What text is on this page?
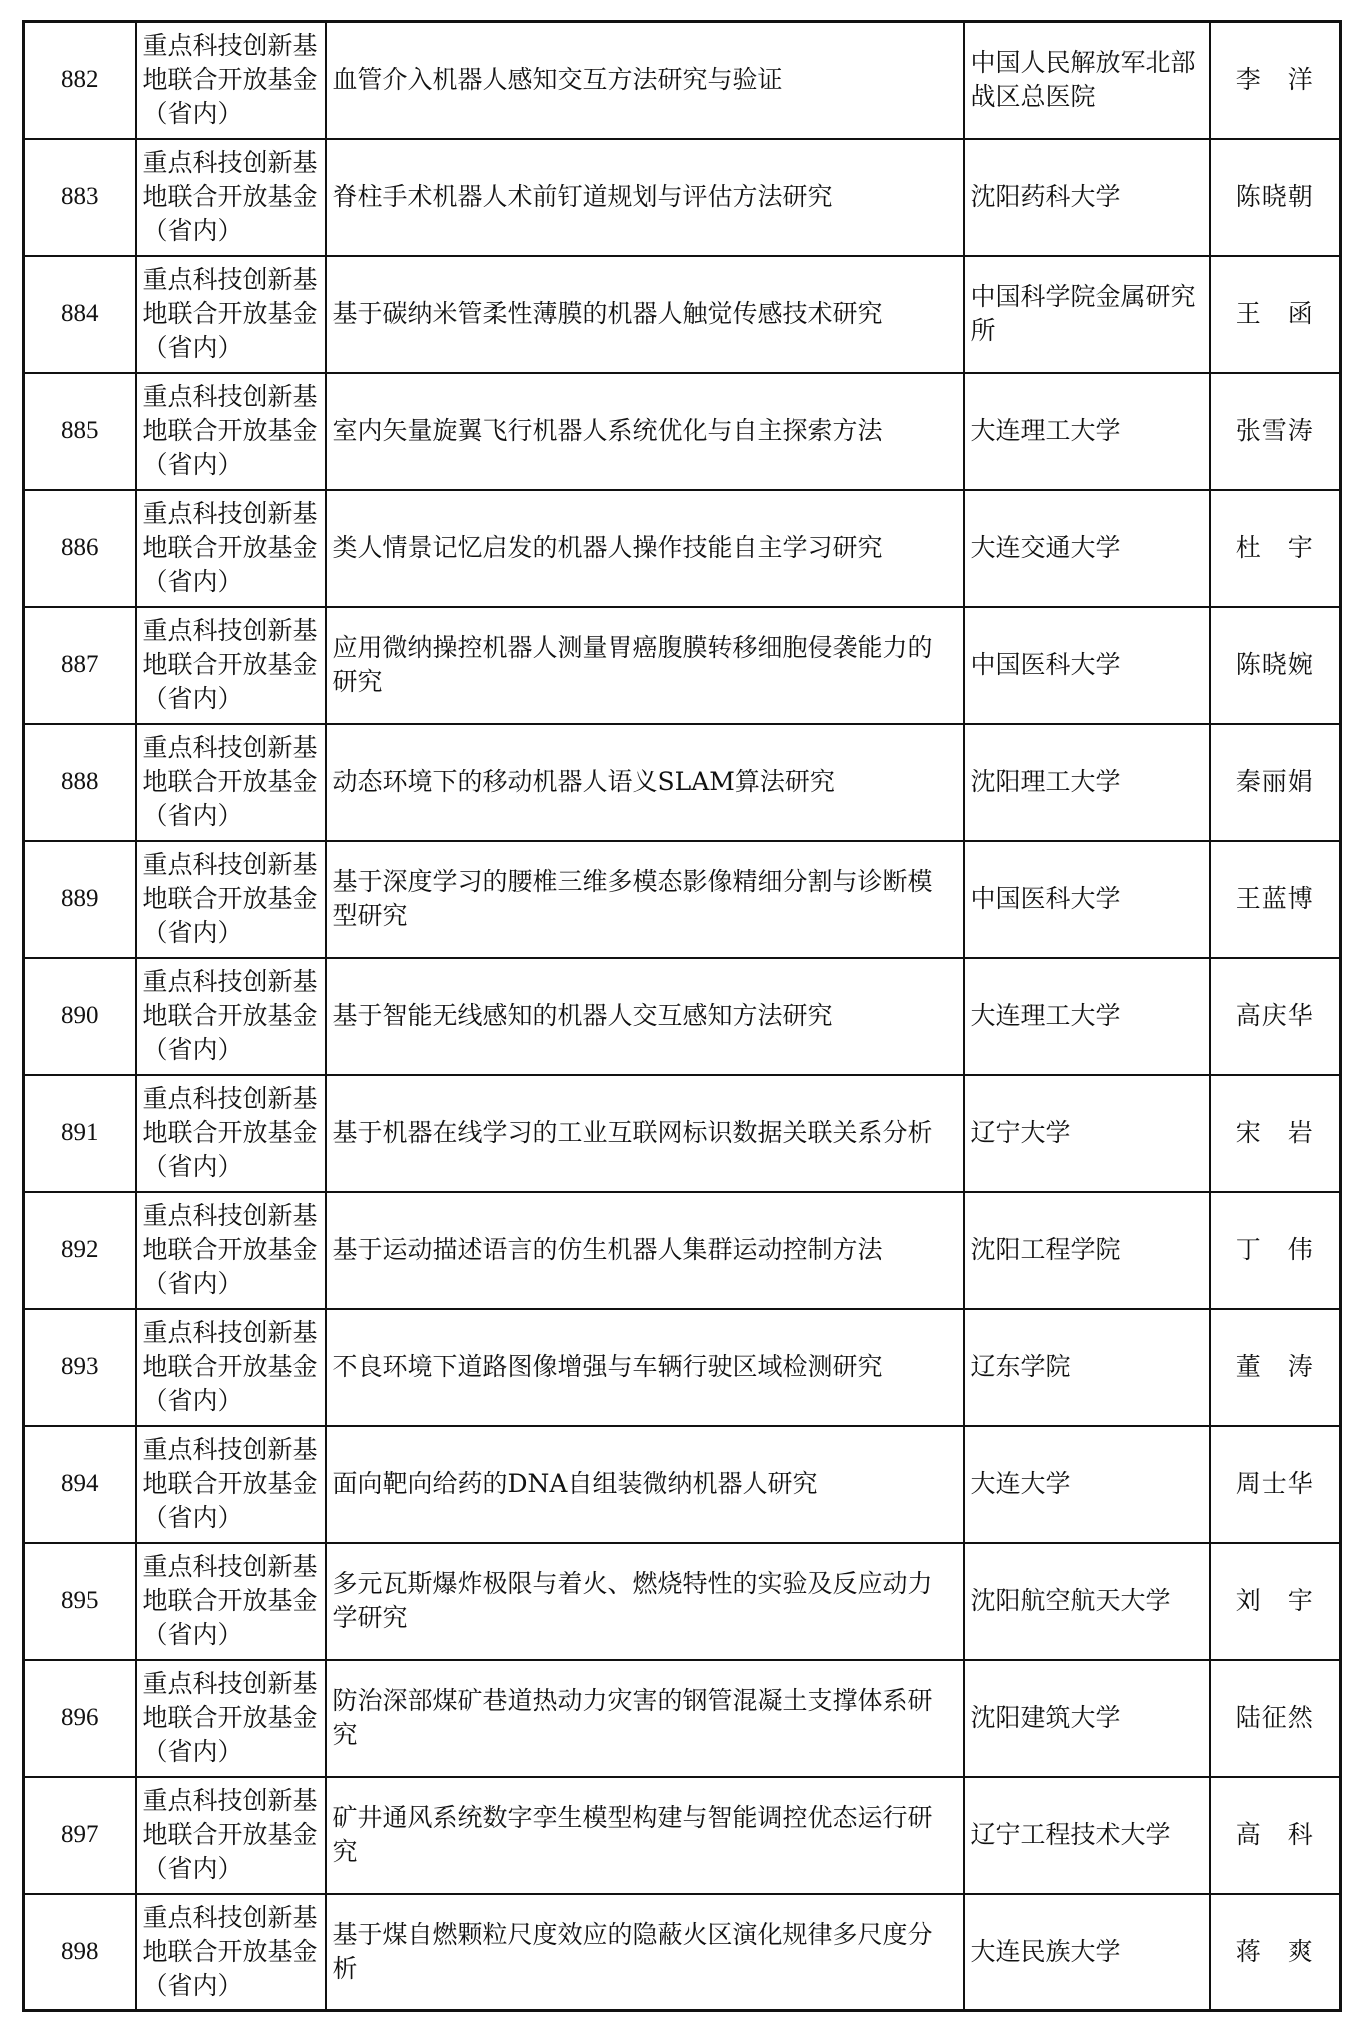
882	重点科技创新基地联合开放基金（省内）	血管介入机器人感知交互方法研究与验证	中国人民解放军北部战区总医院	李　洋
883	重点科技创新基地联合开放基金（省内）	脊柱手术机器人术前钉道规划与评估方法研究	沈阳药科大学	陈晓朝
884	重点科技创新基地联合开放基金（省内）	基于碳纳米管柔性薄膜的机器人触觉传感技术研究	中国科学院金属研究所	王　函
885	重点科技创新基地联合开放基金（省内）	室内矢量旋翼飞行机器人系统优化与自主探索方法	大连理工大学	张雪涛
886	重点科技创新基地联合开放基金（省内）	类人情景记忆启发的机器人操作技能自主学习研究	大连交通大学	杜　宇
887	重点科技创新基地联合开放基金（省内）	应用微纳操控机器人测量胃癌腹膜转移细胞侵袭能力的研究	中国医科大学	陈晓婉
888	重点科技创新基地联合开放基金（省内）	动态环境下的移动机器人语义SLAM算法研究	沈阳理工大学	秦丽娟
889	重点科技创新基地联合开放基金（省内）	基于深度学习的腰椎三维多模态影像精细分割与诊断模型研究	中国医科大学	王蓝博
890	重点科技创新基地联合开放基金（省内）	基于智能无线感知的机器人交互感知方法研究	大连理工大学	高庆华
891	重点科技创新基地联合开放基金（省内）	基于机器在线学习的工业互联网标识数据关联关系分析	辽宁大学	宋　岩
892	重点科技创新基地联合开放基金（省内）	基于运动描述语言的仿生机器人集群运动控制方法	沈阳工程学院	丁　伟
893	重点科技创新基地联合开放基金（省内）	不良环境下道路图像增强与车辆行驶区域检测研究	辽东学院	董　涛
894	重点科技创新基地联合开放基金（省内）	面向靶向给药的DNA自组装微纳机器人研究	大连大学	周士华
895	重点科技创新基地联合开放基金（省内）	多元瓦斯爆炸极限与着火、燃烧特性的实验及反应动力学研究	沈阳航空航天大学	刘　宇
896	重点科技创新基地联合开放基金（省内）	防治深部煤矿巷道热动力灾害的钢管混凝土支撑体系研究	沈阳建筑大学	陆征然
897	重点科技创新基地联合开放基金（省内）	矿井通风系统数字孪生模型构建与智能调控优态运行研究	辽宁工程技术大学	高　科
898	重点科技创新基地联合开放基金（省内）	基于煤自燃颗粒尺度效应的隐蔽火区演化规律多尺度分析	大连民族大学	蒋　爽
